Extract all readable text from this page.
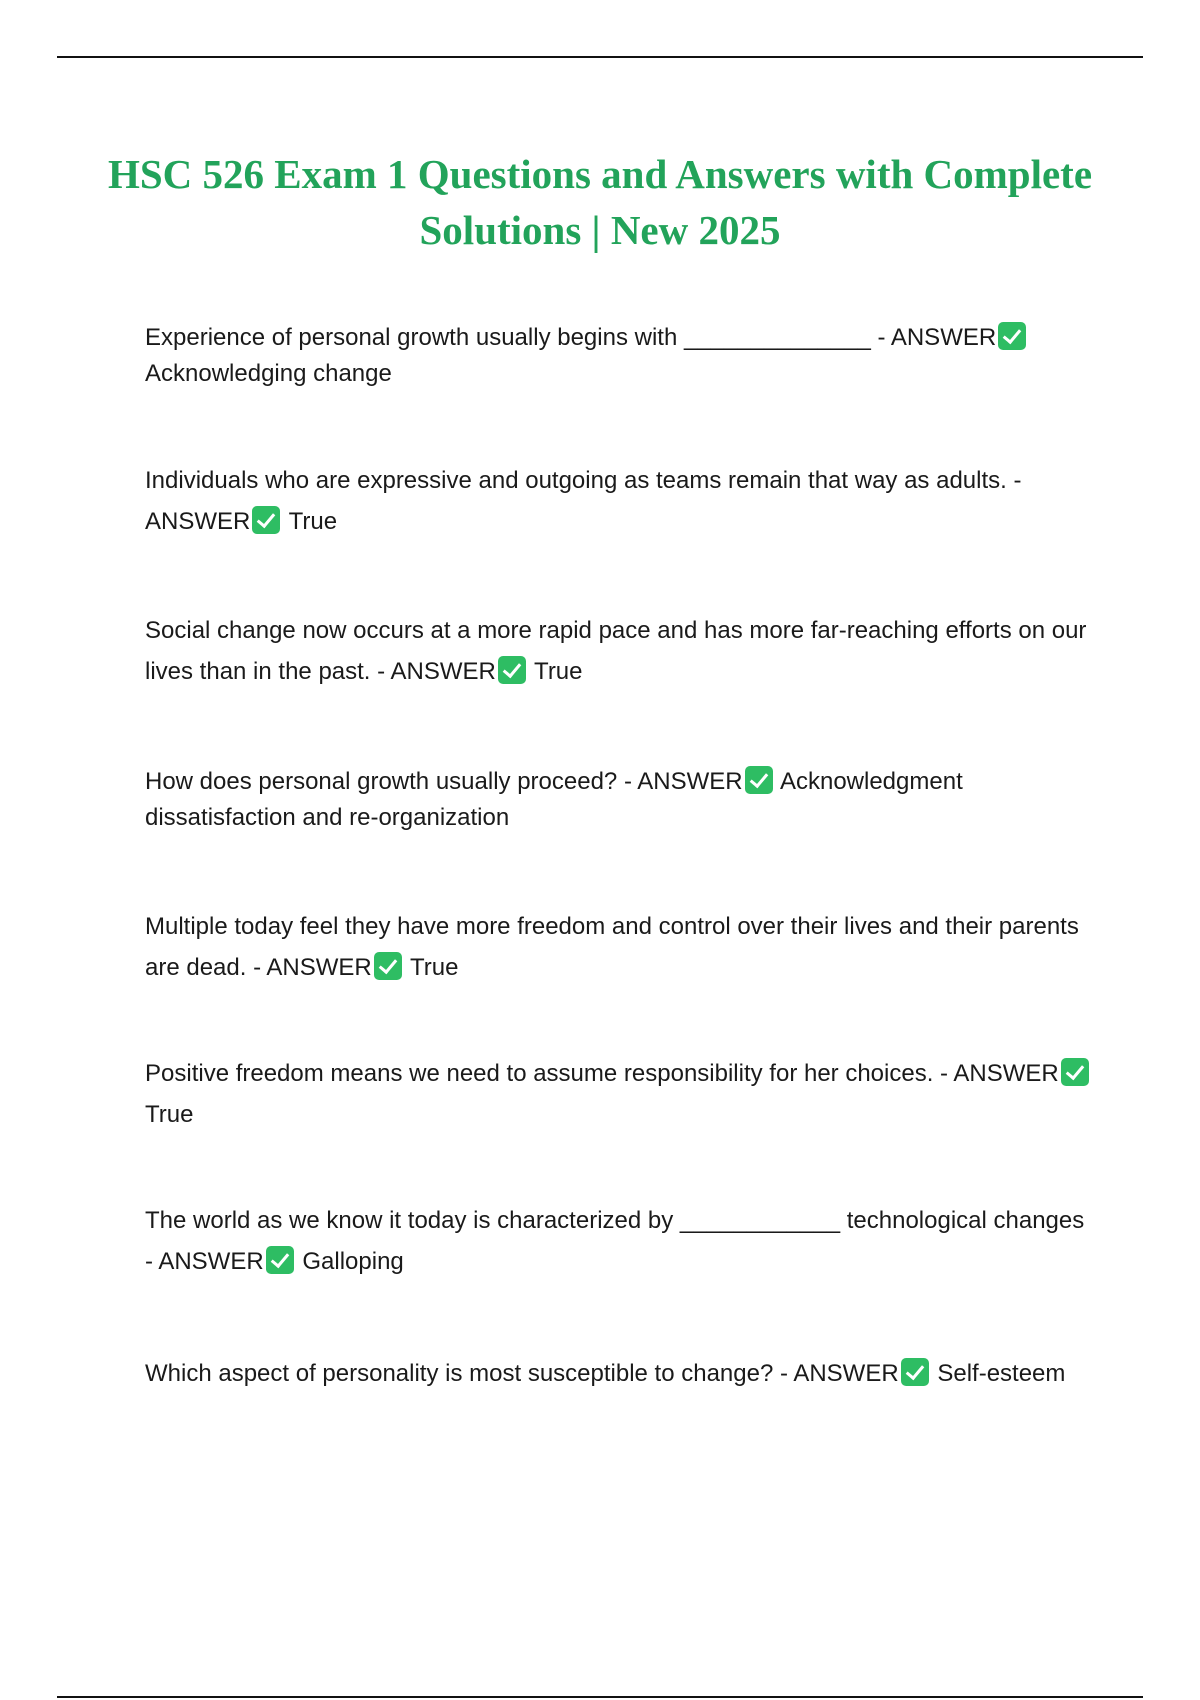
HSC 526 Exam 1 Questions and Answers with Complete Solutions | New 2025

Experience of personal growth usually begins with ______________ - ANSWER
Acknowledging change

Individuals who are expressive and outgoing as teams remain that way as adults. - ANSWER True

Social change now occurs at a more rapid pace and has more far-reaching efforts on our lives than in the past. - ANSWER True

How does personal growth usually proceed? - ANSWER Acknowledgment dissatisfaction and re-organization

Multiple today feel they have more freedom and control over their lives and their parents are dead. - ANSWER True

Positive freedom means we need to assume responsibility for her choices. - ANSWER True

The world as we know it today is characterized by ____________ technological changes - ANSWER Galloping

Which aspect of personality is most susceptible to change? - ANSWER Self-esteem
